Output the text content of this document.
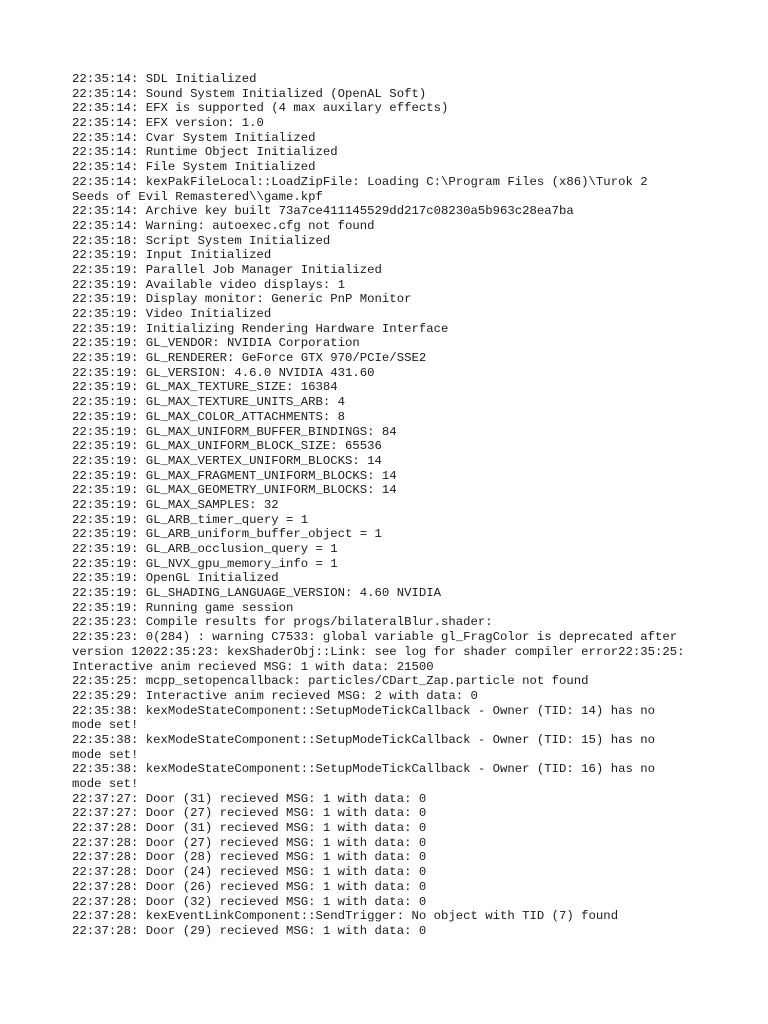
22:35:14: SDL Initialized
22:35:14: Sound System Initialized (OpenAL Soft)
22:35:14: EFX is supported (4 max auxilary effects)
22:35:14: EFX version: 1.0
22:35:14: Cvar System Initialized
22:35:14: Runtime Object Initialized
22:35:14: File System Initialized
22:35:14: kexPakFileLocal::LoadZipFile: Loading C:\Program Files (x86)\Turok 2
Seeds of Evil Remastered\\game.kpf
22:35:14: Archive key built 73a7ce411145529dd217c08230a5b963c28ea7ba
22:35:14: Warning: autoexec.cfg not found
22:35:18: Script System Initialized
22:35:19: Input Initialized
22:35:19: Parallel Job Manager Initialized
22:35:19: Available video displays: 1
22:35:19: Display monitor: Generic PnP Monitor
22:35:19: Video Initialized
22:35:19: Initializing Rendering Hardware Interface
22:35:19: GL_VENDOR: NVIDIA Corporation
22:35:19: GL_RENDERER: GeForce GTX 970/PCIe/SSE2
22:35:19: GL_VERSION: 4.6.0 NVIDIA 431.60
22:35:19: GL_MAX_TEXTURE_SIZE: 16384
22:35:19: GL_MAX_TEXTURE_UNITS_ARB: 4
22:35:19: GL_MAX_COLOR_ATTACHMENTS: 8
22:35:19: GL_MAX_UNIFORM_BUFFER_BINDINGS: 84
22:35:19: GL_MAX_UNIFORM_BLOCK_SIZE: 65536
22:35:19: GL_MAX_VERTEX_UNIFORM_BLOCKS: 14
22:35:19: GL_MAX_FRAGMENT_UNIFORM_BLOCKS: 14
22:35:19: GL_MAX_GEOMETRY_UNIFORM_BLOCKS: 14
22:35:19: GL_MAX_SAMPLES: 32
22:35:19: GL_ARB_timer_query = 1
22:35:19: GL_ARB_uniform_buffer_object = 1
22:35:19: GL_ARB_occlusion_query = 1
22:35:19: GL_NVX_gpu_memory_info = 1
22:35:19: OpenGL Initialized
22:35:19: GL_SHADING_LANGUAGE_VERSION: 4.60 NVIDIA
22:35:19: Running game session
22:35:23: Compile results for progs/bilateralBlur.shader:
22:35:23: 0(284) : warning C7533: global variable gl_FragColor is deprecated after
version 12022:35:23: kexShaderObj::Link: see log for shader compiler error22:35:25:
Interactive anim recieved MSG: 1 with data: 21500
22:35:25: mcpp_setopencallback: particles/CDart_Zap.particle not found
22:35:29: Interactive anim recieved MSG: 2 with data: 0
22:35:38: kexModeStateComponent::SetupModeTickCallback - Owner (TID: 14) has no
mode set!
22:35:38: kexModeStateComponent::SetupModeTickCallback - Owner (TID: 15) has no
mode set!
22:35:38: kexModeStateComponent::SetupModeTickCallback - Owner (TID: 16) has no
mode set!
22:37:27: Door (31) recieved MSG: 1 with data: 0
22:37:27: Door (27) recieved MSG: 1 with data: 0
22:37:28: Door (31) recieved MSG: 1 with data: 0
22:37:28: Door (27) recieved MSG: 1 with data: 0
22:37:28: Door (28) recieved MSG: 1 with data: 0
22:37:28: Door (24) recieved MSG: 1 with data: 0
22:37:28: Door (26) recieved MSG: 1 with data: 0
22:37:28: Door (32) recieved MSG: 1 with data: 0
22:37:28: kexEventLinkComponent::SendTrigger: No object with TID (7) found
22:37:28: Door (29) recieved MSG: 1 with data: 0
